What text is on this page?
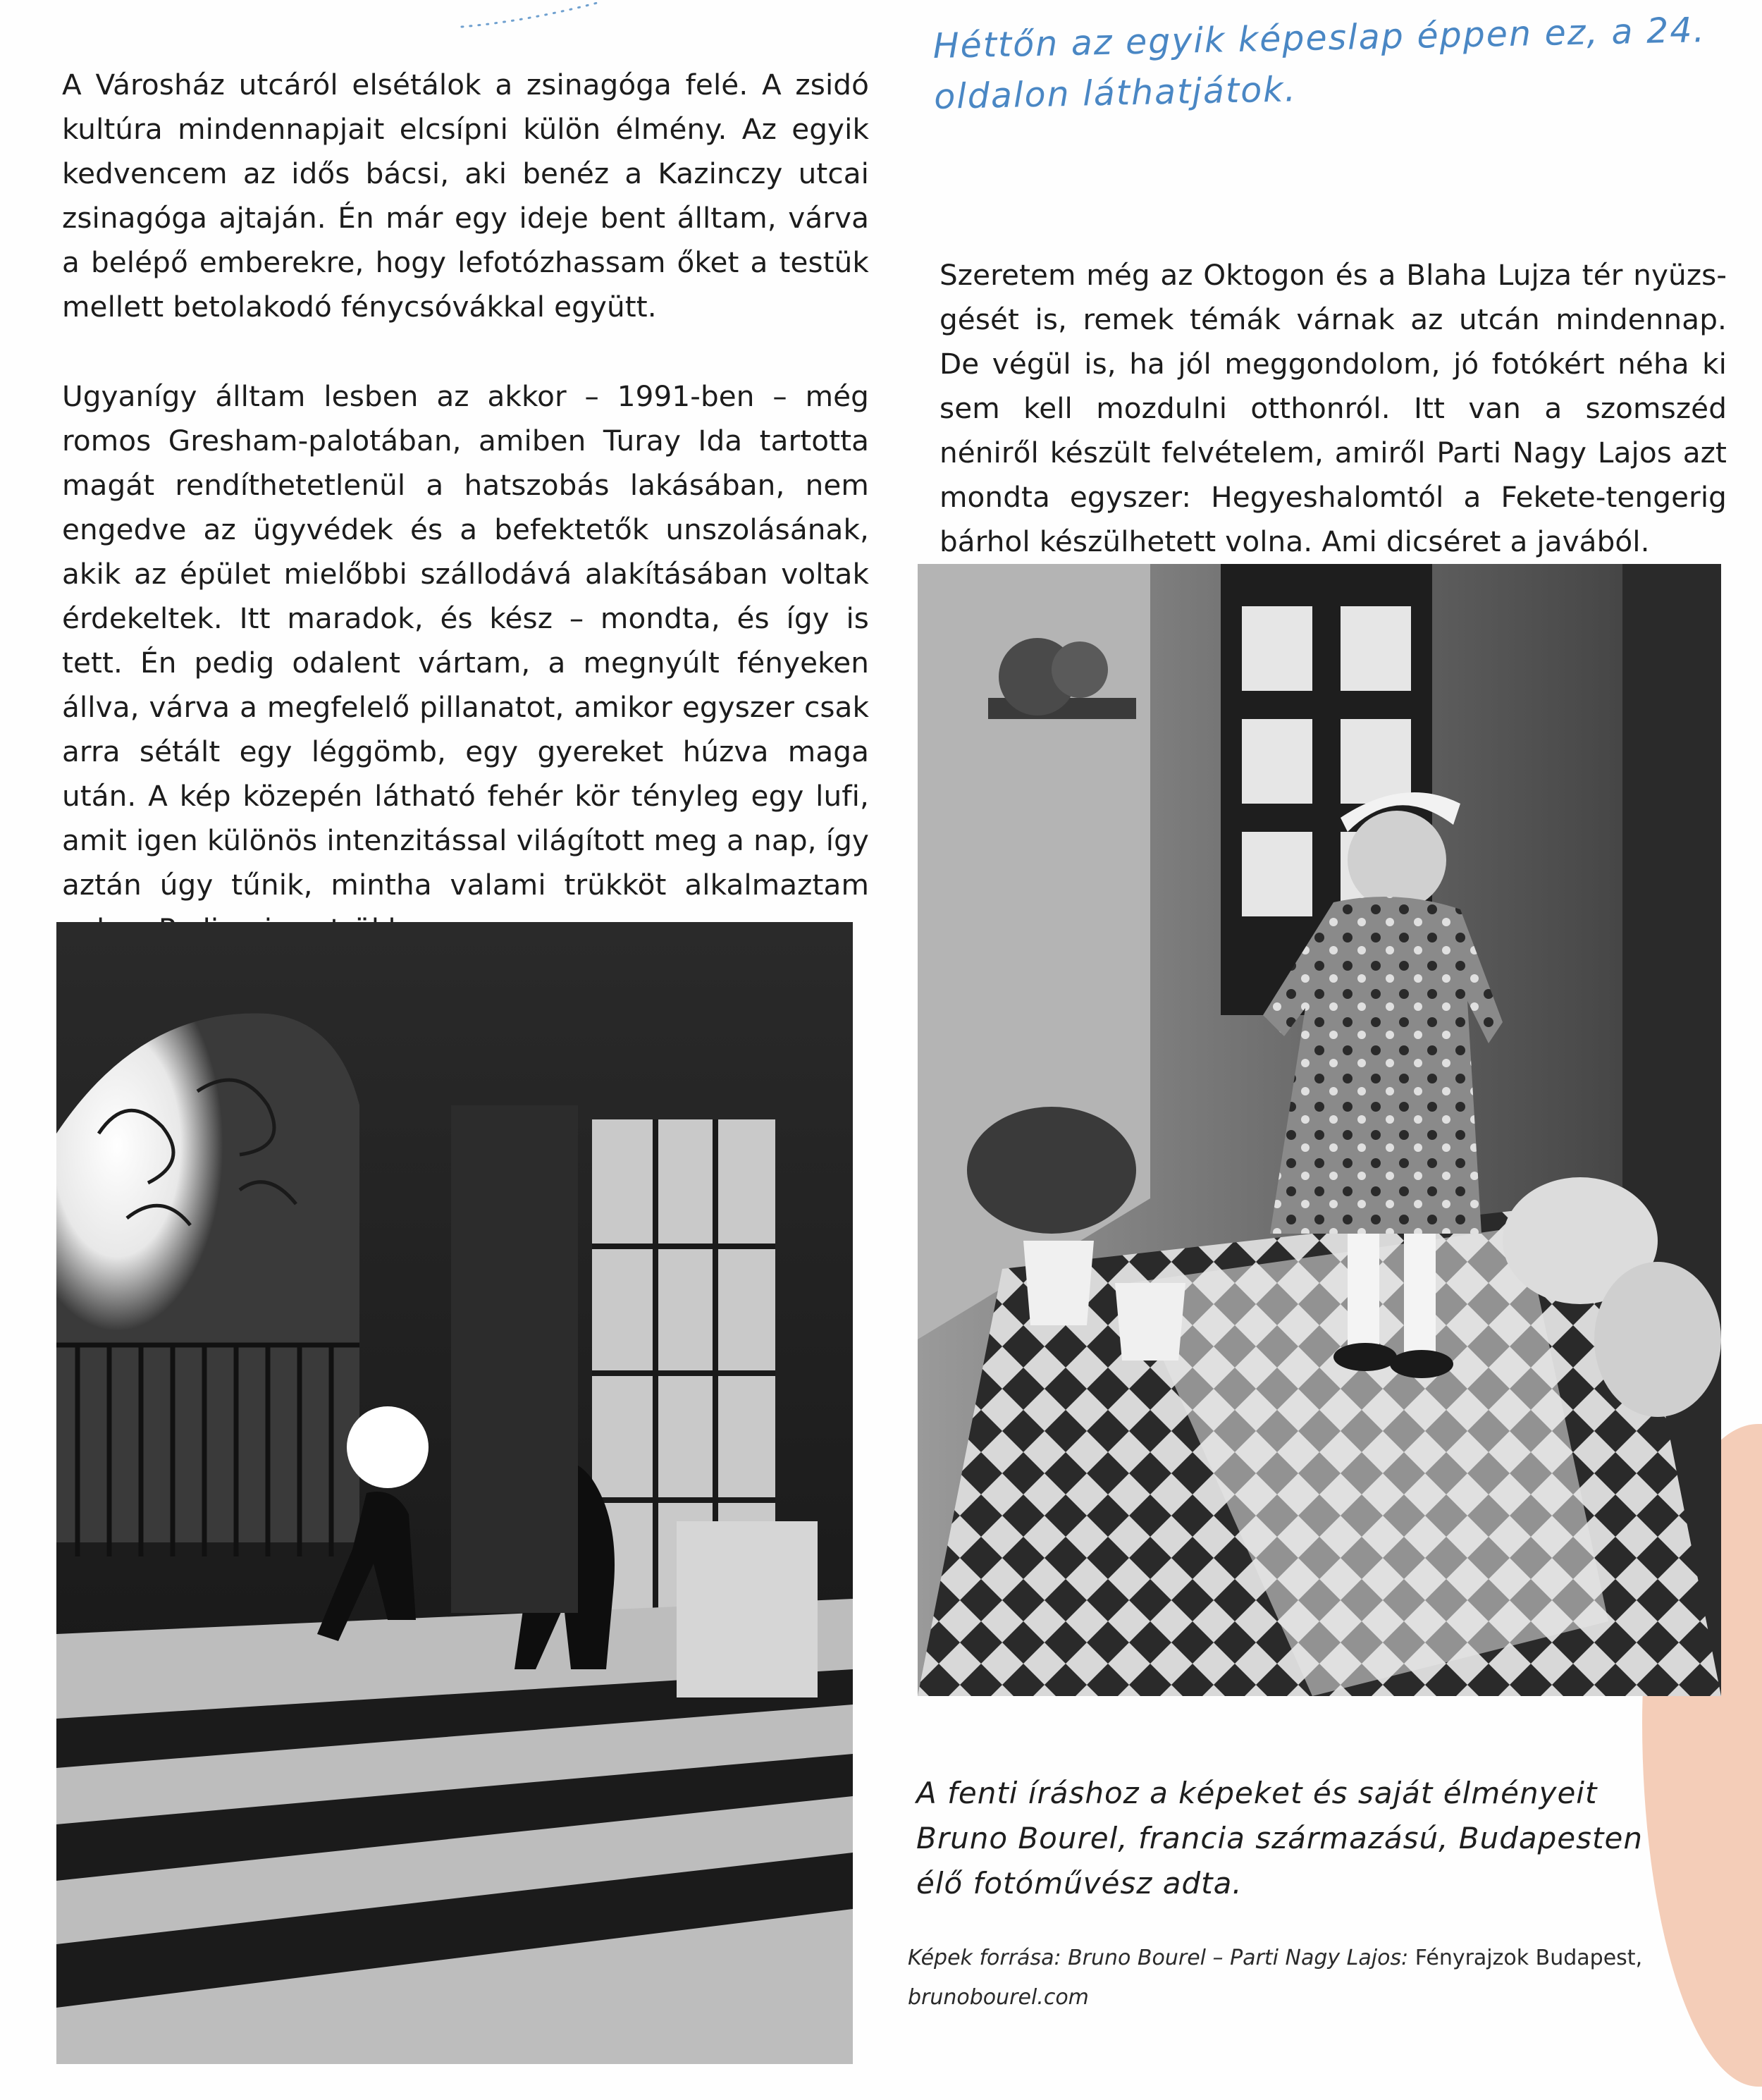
A Városház utcáról elsétálok a zsinagóga felé. A zsidó kultúra mindennapjait elcsípni külön élmény. Az egyik kedvencem az idős bácsi, aki benéz a Kazinczy utcai zsinagóga ajtaján. Én már egy ideje bent álltam, várva a belépő emberekre, hogy lefotózhassam őket a testük mellett betolakodó fénycsóvákkal együtt.

Ugyanígy álltam lesben az akkor – 1991-ben – még romos Gresham-palotában, amiben Turay Ida tartotta magát rendíthetetlenül a hatszobás lakásában, nem engedve az ügyvédek és a befektetők unszolásának, akik az épület mielőbbi szállodává alakításában voltak érdekeltek. Itt maradok, és kész – mondta, és így is tett. Én pedig odalent vártam, a megnyúlt fényeken állva, várva a megfelelő pillanatot, amikor egyszer csak arra sétált egy léggömb, egy gyereket húzva maga után. A kép közepén látható fehér kör tényleg egy lufi, amit igen különös intenzitással világított meg a nap, így aztán úgy tűnik, mintha valami trükköt alkalmaztam

Héttőn az egyik képeslap éppen ez, a 24. oldalon láthatjátok.

Szeretem még az Oktogon és a Blaha Lujza tér nyüzsgését is, remek témák várnak az utcán mindennap. De végül is, ha jól meggondolom, jó fotókért néha ki sem kell mozdulni otthonról. Itt van a szomszéd néniről készült felvételem, amiről Parti Nagy Lajos azt mondta egyszer: Hegyeshalomtól a Fekete-tengerig bárhol készülhetett volna. Ami dicséret a javából.

A fenti íráshoz a képeket és saját élményeit Bruno Bourel, francia származású, Budapesten élő fotóművész adta.

Képek forrása: Bruno Bourel – Parti Nagy Lajos: Fényrajzok Budapest, brunobourel.com
